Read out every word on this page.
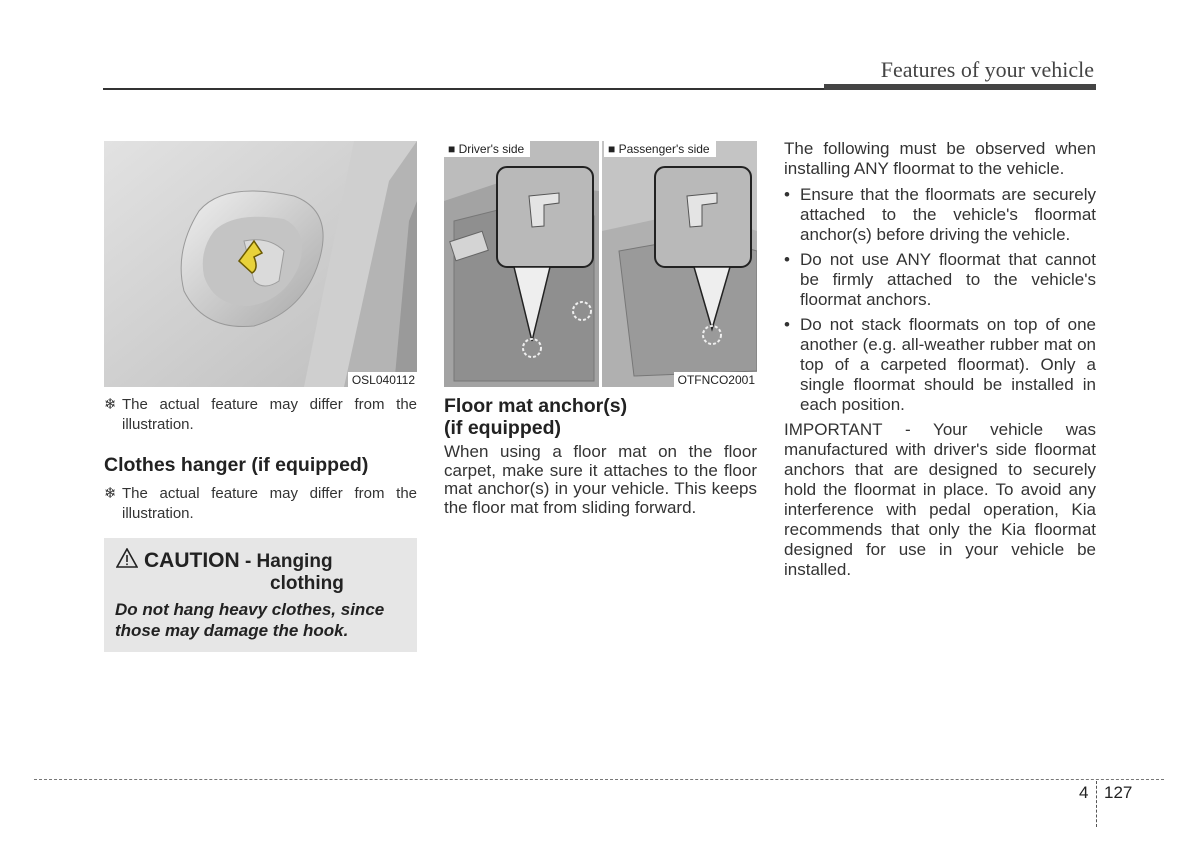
Features of your vehicle
OSL040112
❄ The actual feature may differ from the illustration.
Clothes hanger (if equipped)
❄ The actual feature may differ from the illustration.
CAUTION - Hanging
clothing
Do not hang heavy clothes, since those may damage the hook.
■ Driver's side	■ Passenger's side
OTFNCO2001
Floor mat anchor(s)
(if equipped)
When using a floor mat on the floor carpet, make sure it attaches to the floor mat anchor(s) in your vehicle. This keeps the floor mat from sliding forward.
The following must be observed when installing ANY floormat to the vehicle.
• Ensure that the floormats are securely attached to the vehicle's floormat anchor(s) before driving the vehicle.
• Do not use ANY floormat that cannot be firmly attached to the vehicle's floormat anchors.
• Do not stack floormats on top of one another (e.g. all-weather rubber mat on top of a carpeted floormat). Only a single floormat should be installed in each position.
IMPORTANT - Your vehicle was manufactured with driver's side floormat anchors that are designed to securely hold the floormat in place. To avoid any interference with pedal operation, Kia recommends that only the Kia floormat designed for use in your vehicle be installed.
4 127
